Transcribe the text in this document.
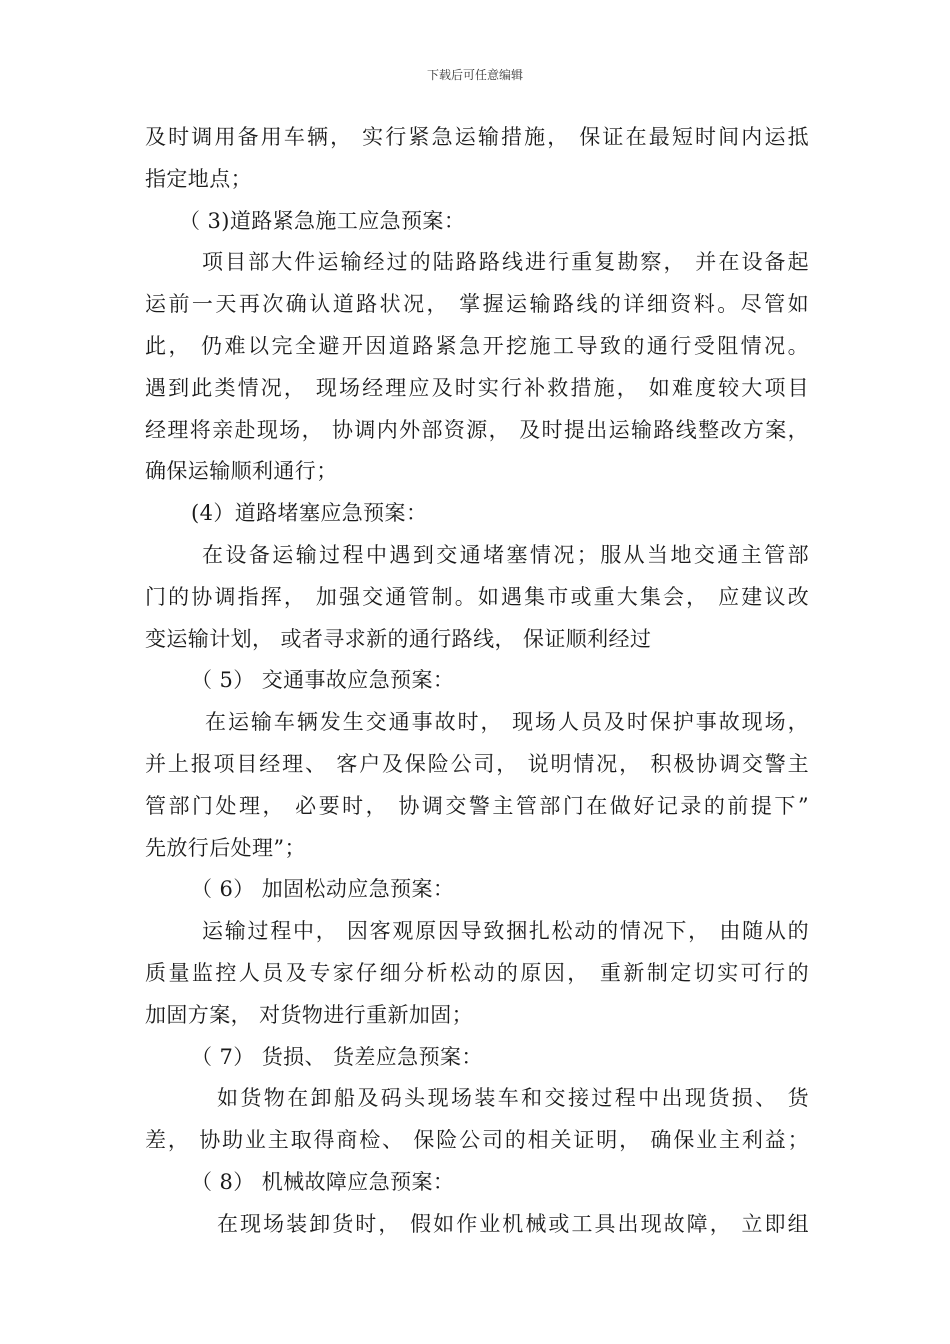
下载后可任意编辑
及时调用备用车辆， 实行紧急运输措施， 保证在最短时间内运抵
指定地点；
（ 3)道路紧急施工应急预案：
项目部大件运输经过的陆路路线进行重复勘察， 并在设备起
运前一天再次确认道路状况， 掌握运输路线的详细资料。尽管如
此， 仍难以完全避开因道路紧急开挖施工导致的通行受阻情况。
遇到此类情况， 现场经理应及时实行补救措施， 如难度较大项目
经理将亲赴现场， 协调内外部资源， 及时提出运输路线整改方案，
确保运输顺利通行；
(4）道路堵塞应急预案：
在设备运输过程中遇到交通堵塞情况；服从当地交通主管部
门的协调指挥， 加强交通管制。如遇集市或重大集会， 应建议改
变运输计划， 或者寻求新的通行路线， 保证顺利经过
（ 5） 交通事故应急预案：
在运输车辆发生交通事故时， 现场人员及时保护事故现场，
并上报项目经理、 客户及保险公司， 说明情况， 积极协调交警主
管部门处理， 必要时， 协调交警主管部门在做好记录的前提下”
先放行后处理”；
（ 6） 加固松动应急预案：
运输过程中， 因客观原因导致捆扎松动的情况下， 由随从的
质量监控人员及专家仔细分析松动的原因， 重新制定切实可行的
加固方案， 对货物进行重新加固；
（ 7） 货损、 货差应急预案：
如货物在卸船及码头现场装车和交接过程中出现货损、 货
差， 协助业主取得商检、 保险公司的相关证明， 确保业主利益；
（ 8） 机械故障应急预案：
在现场装卸货时， 假如作业机械或工具出现故障， 立即组
